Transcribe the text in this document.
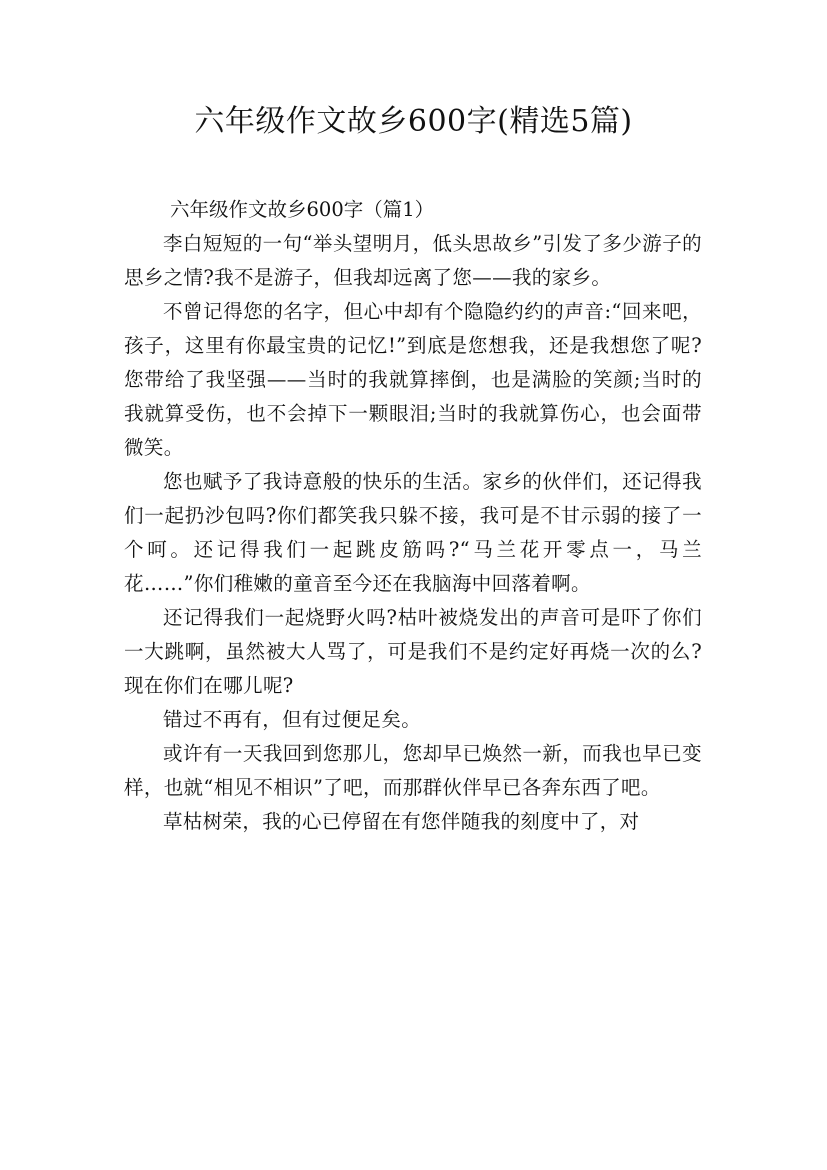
六年级作文故乡600字(精选5篇)

六年级作文故乡600字（篇1）

李白短短的一句“举头望明月，低头思故乡”引发了多少游子的思乡之情?我不是游子，但我却远离了您——我的家乡。

不曾记得您的名字，但心中却有个隐隐约约的声音:“回来吧，孩子，这里有你最宝贵的记忆!”到底是您想我，还是我想您了呢?您带给了我坚强——当时的我就算摔倒，也是满脸的笑颜;当时的我就算受伤，也不会掉下一颗眼泪;当时的我就算伤心，也会面带微笑。

您也赋予了我诗意般的快乐的生活。家乡的伙伴们，还记得我们一起扔沙包吗?你们都笑我只躲不接，我可是不甘示弱的接了一个呵。还记得我们一起跳皮筋吗?“马兰花开零点一，马兰花……”你们稚嫩的童音至今还在我脑海中回落着啊。

还记得我们一起烧野火吗?枯叶被烧发出的声音可是吓了你们一大跳啊，虽然被大人骂了，可是我们不是约定好再烧一次的么?现在你们在哪儿呢?

错过不再有，但有过便足矣。

或许有一天我回到您那儿，您却早已焕然一新，而我也早已变样，也就“相见不相识”了吧，而那群伙伴早已各奔东西了吧。

草枯树荣，我的心已停留在有您伴随我的刻度中了，对
